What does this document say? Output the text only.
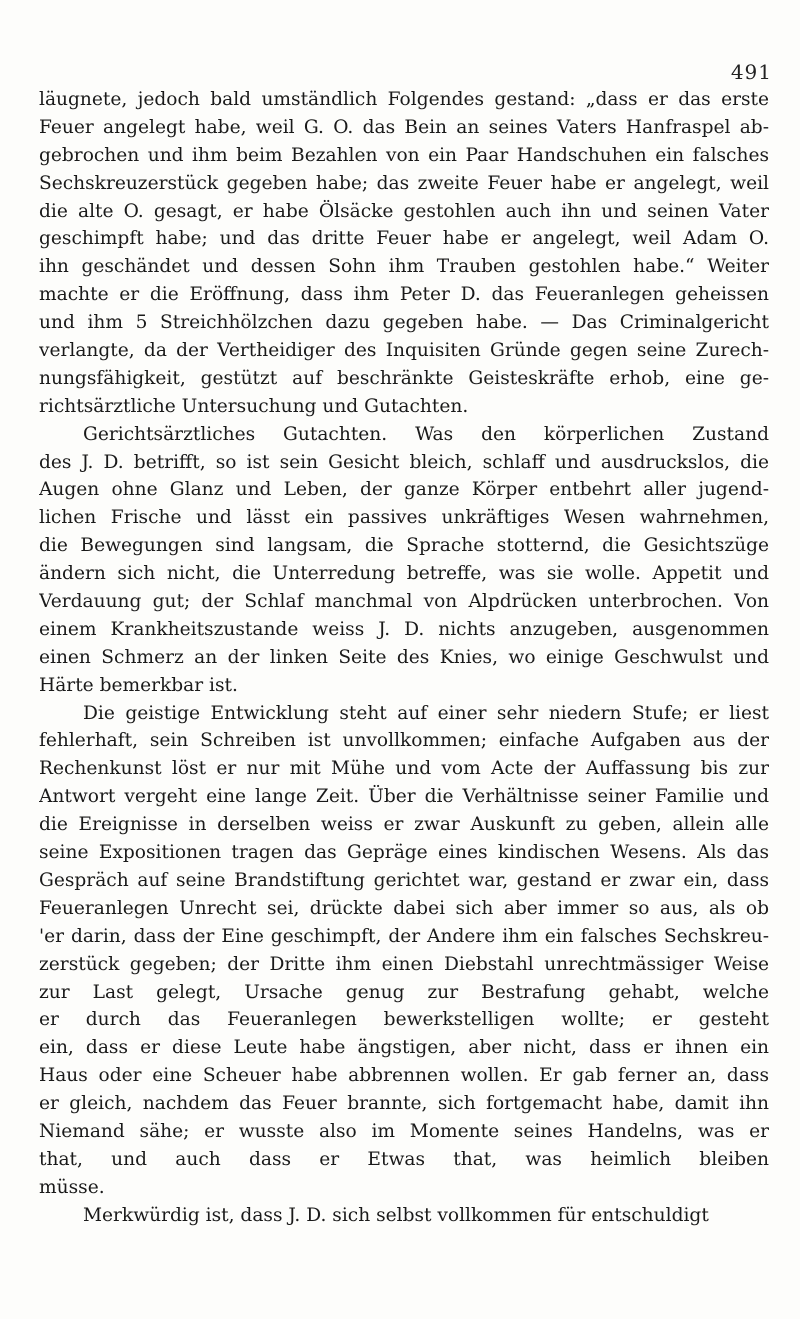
491
läugnete, jedoch bald umständlich Folgendes gestand: „dass er das erste
Feuer angelegt habe, weil G. O. das Bein an seines Vaters Hanfraspel ab-
gebrochen und ihm beim Bezahlen von ein Paar Handschuhen ein falsches
Sechskreuzerstück gegeben habe; das zweite Feuer habe er angelegt, weil
die alte O. gesagt, er habe Ölsäcke gestohlen auch ihn und seinen Vater
geschimpft habe; und das dritte Feuer habe er angelegt, weil Adam O.
ihn geschändet und dessen Sohn ihm Trauben gestohlen habe.“ Weiter
machte er die Eröffnung, dass ihm Peter D. das Feueranlegen geheissen
und ihm 5 Streichhölzchen dazu gegeben habe. — Das Criminalgericht
verlangte, da der Vertheidiger des Inquisiten Gründe gegen seine Zurech-
nungsfähigkeit, gestützt auf beschränkte Geisteskräfte erhob, eine ge-
richtsärztliche Untersuchung und Gutachten.
Gerichtsärztliches Gutachten. Was den körperlichen Zustand
des J. D. betrifft, so ist sein Gesicht bleich, schlaff und ausdruckslos, die
Augen ohne Glanz und Leben, der ganze Körper entbehrt aller jugend-
lichen Frische und lässt ein passives unkräftiges Wesen wahrnehmen,
die Bewegungen sind langsam, die Sprache stotternd, die Gesichtszüge
ändern sich nicht, die Unterredung betreffe, was sie wolle. Appetit und
Verdauung gut; der Schlaf manchmal von Alpdrücken unterbrochen. Von
einem Krankheitszustande weiss J. D. nichts anzugeben, ausgenommen
einen Schmerz an der linken Seite des Knies, wo einige Geschwulst und
Härte bemerkbar ist.
Die geistige Entwicklung steht auf einer sehr niedern Stufe; er liest
fehlerhaft, sein Schreiben ist unvollkommen; einfache Aufgaben aus der
Rechenkunst löst er nur mit Mühe und vom Acte der Auffassung bis zur
Antwort vergeht eine lange Zeit. Über die Verhältnisse seiner Familie und
die Ereignisse in derselben weiss er zwar Auskunft zu geben, allein alle
seine Expositionen tragen das Gepräge eines kindischen Wesens. Als das
Gespräch auf seine Brandstiftung gerichtet war, gestand er zwar ein, dass
Feueranlegen Unrecht sei, drückte dabei sich aber immer so aus, als ob
'er darin, dass der Eine geschimpft, der Andere ihm ein falsches Sechskreu-
zerstück gegeben; der Dritte ihm einen Diebstahl unrechtmässiger Weise
zur Last gelegt, Ursache genug zur Bestrafung gehabt, welche
er durch das Feueranlegen bewerkstelligen wollte; er gesteht
ein, dass er diese Leute habe ängstigen, aber nicht, dass er ihnen ein
Haus oder eine Scheuer habe abbrennen wollen. Er gab ferner an, dass
er gleich, nachdem das Feuer brannte, sich fortgemacht habe, damit ihn
Niemand sähe; er wusste also im Momente seines Handelns, was er
that, und auch dass er Etwas that, was heimlich bleiben
müsse.
Merkwürdig ist, dass J. D. sich selbst vollkommen für entschuldigt
